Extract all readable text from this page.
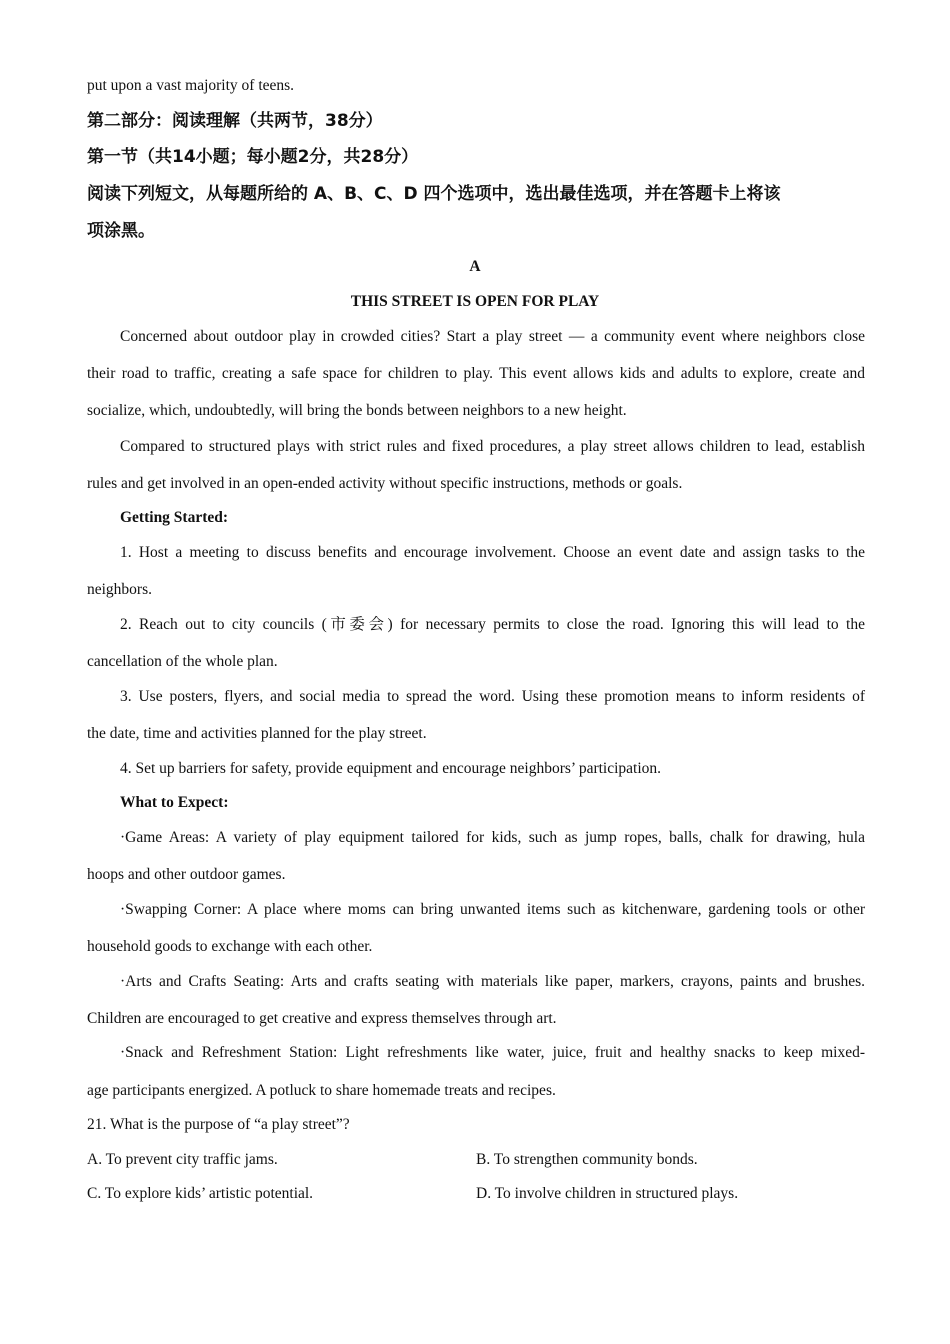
put upon a vast majority of teens.
第二部分：阅读理解（共两节，38分）
第一节（共14小题；每小题2分，共28分）
阅读下列短文，从每题所给的 A、B、C、D 四个选项中，选出最佳选项，并在答题卡上将该
项涂黑。
A
THIS STREET IS OPEN FOR PLAY
Concerned about outdoor play in crowded cities? Start a play street — a community event where neighbors close
their road to traffic, creating a safe space for children to play. This event allows kids and adults to explore, create and
socialize, which, undoubtedly, will bring the bonds between neighbors to a new height.
Compared to structured plays with strict rules and fixed procedures, a play street allows children to lead, establish
rules and get involved in an open-ended activity without specific instructions, methods or goals.
Getting Started:
1. Host a meeting to discuss benefits and encourage involvement. Choose an event date and assign tasks to the
neighbors.
2. Reach out to city councils (市委会) for necessary permits to close the road. Ignoring this will lead to the
cancellation of the whole plan.
3. Use posters, flyers, and social media to spread the word. Using these promotion means to inform residents of
the date, time and activities planned for the play street.
4. Set up barriers for safety, provide equipment and encourage neighbors’ participation.
What to Expect:
·Game Areas: A variety of play equipment tailored for kids, such as jump ropes, balls, chalk for drawing, hula
hoops and other outdoor games.
·Swapping Corner: A place where moms can bring unwanted items such as kitchenware, gardening tools or other
household goods to exchange with each other.
·Arts and Crafts Seating: Arts and crafts seating with materials like paper, markers, crayons, paints and brushes.
Children are encouraged to get creative and express themselves through art.
·Snack and Refreshment Station: Light refreshments like water, juice, fruit and healthy snacks to keep mixed-
age participants energized. A potluck to share homemade treats and recipes.
21. What is the purpose of “a play street”?
A. To prevent city traffic jams.	B. To strengthen community bonds.
C. To explore kids’ artistic potential.	D. To involve children in structured plays.
